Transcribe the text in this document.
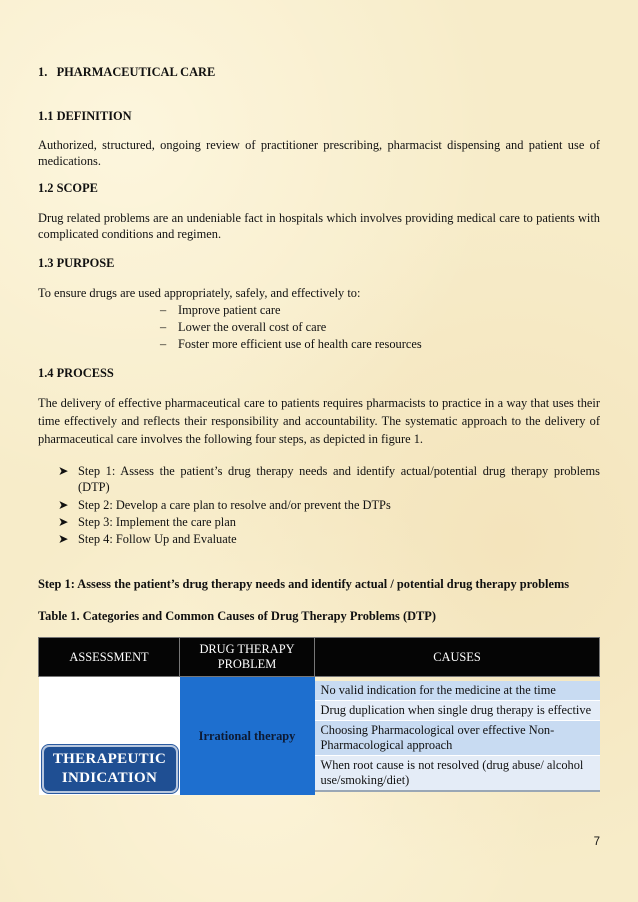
1.   PHARMACEUTICAL CARE

1.1 DEFINITION

Authorized, structured, ongoing review of practitioner prescribing, pharmacist dispensing and patient use of medications.

1.2 SCOPE

Drug related problems are an undeniable fact in hospitals which involves providing medical care to patients with complicated conditions and regimen.

1.3 PURPOSE

To ensure drugs are used appropriately, safely, and effectively to:

– Improve patient care
– Lower the overall cost of care
– Foster more efficient use of health care resources

1.4 PROCESS

The delivery of effective pharmaceutical care to patients requires pharmacists to practice in a way that uses their time effectively and reflects their responsibility and accountability. The systematic approach to the delivery of pharmaceutical care involves the following four steps, as depicted in figure 1.

➤ Step 1: Assess the patient’s drug therapy needs and identify actual/potential drug therapy problems (DTP)
➤ Step 2: Develop a care plan to resolve and/or prevent the DTPs
➤ Step 3: Implement the care plan
➤ Step 4: Follow Up and Evaluate

Step 1: Assess the patient’s drug therapy needs and identify actual / potential drug therapy problems

Table 1. Categories and Common Causes of Drug Therapy Problems (DTP)

ASSESSMENT	DRUG THERAPY PROBLEM	CAUSES

THERAPEUTIC INDICATION	Irrational therapy	No valid indication for the medicine at the time
Drug duplication when single drug therapy is effective
Choosing Pharmacological over effective Non-Pharmacological approach
When root cause is not resolved (drug abuse/ alcohol use/smoking/diet)
7
